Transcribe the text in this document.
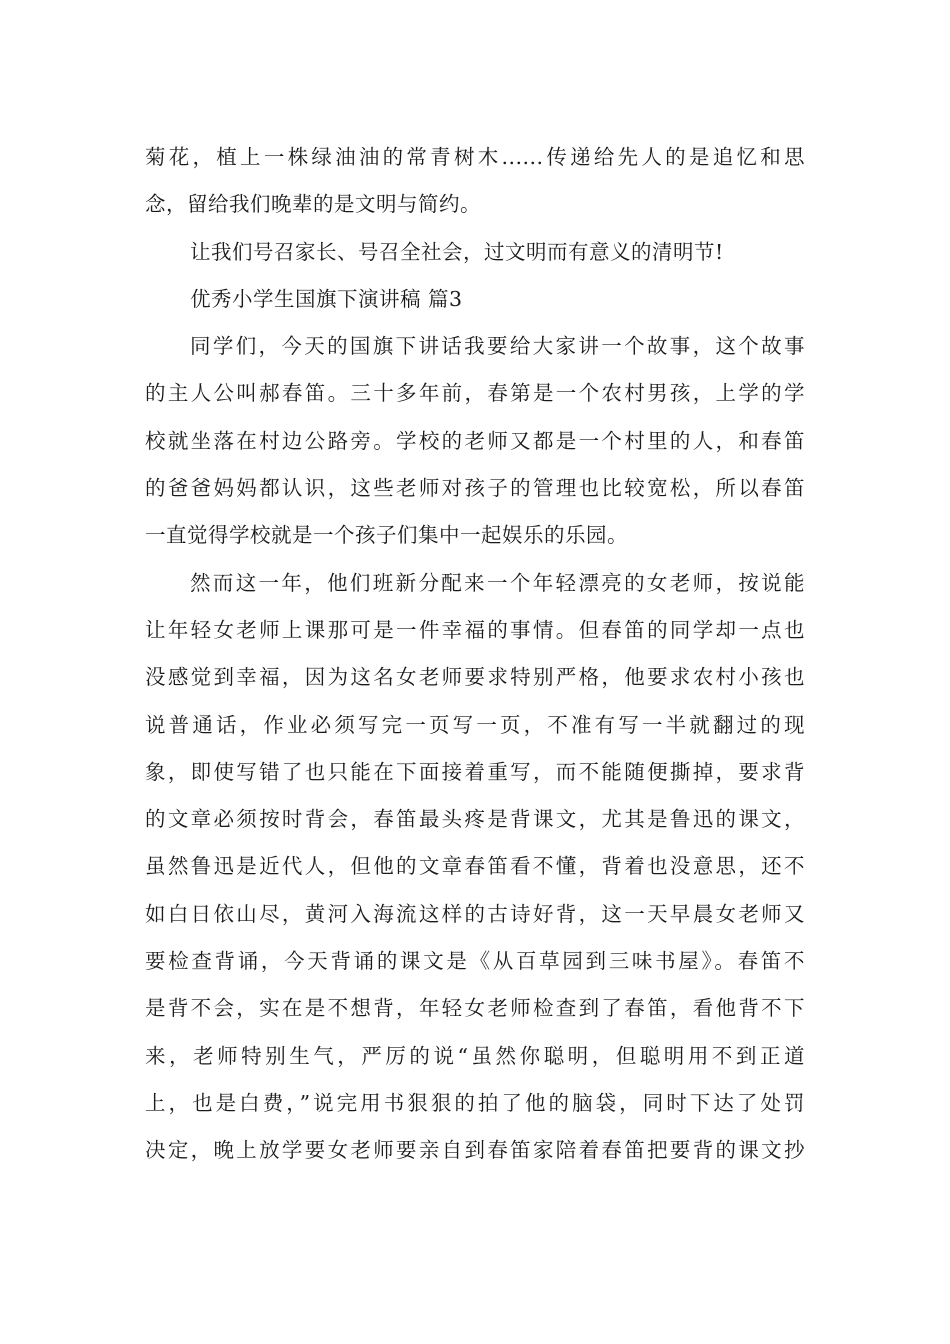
菊花，植上一株绿油油的常青树木......传递给先人的是追忆和思
念，留给我们晚辈的是文明与简约。
让我们号召家长、号召全社会，过文明而有意义的清明节!
优秀小学生国旗下演讲稿 篇3
同学们，今天的国旗下讲话我要给大家讲一个故事，这个故事
的主人公叫郝春笛。三十多年前，春第是一个农村男孩，上学的学
校就坐落在村边公路旁。学校的老师又都是一个村里的人，和春笛
的爸爸妈妈都认识，这些老师对孩子的管理也比较宽松，所以春笛
一直觉得学校就是一个孩子们集中一起娱乐的乐园。
然而这一年，他们班新分配来一个年轻漂亮的女老师，按说能
让年轻女老师上课那可是一件幸福的事情。但春笛的同学却一点也
没感觉到幸福，因为这名女老师要求特别严格，他要求农村小孩也
说普通话，作业必须写完一页写一页，不准有写一半就翻过的现
象，即使写错了也只能在下面接着重写，而不能随便撕掉，要求背
的文章必须按时背会，春笛最头疼是背课文，尤其是鲁迅的课文，
虽然鲁迅是近代人，但他的文章春笛看不懂，背着也没意思，还不
如白日依山尽，黄河入海流这样的古诗好背，这一天早晨女老师又
要检查背诵，今天背诵的课文是《从百草园到三味书屋》。春笛不
是背不会，实在是不想背，年轻女老师检查到了春笛，看他背不下
来，老师特别生气，严厉的说“虽然你聪明，但聪明用不到正道
上，也是白费，”说完用书狠狠的拍了他的脑袋，同时下达了处罚
决定，晚上放学要女老师要亲自到春笛家陪着春笛把要背的课文抄
